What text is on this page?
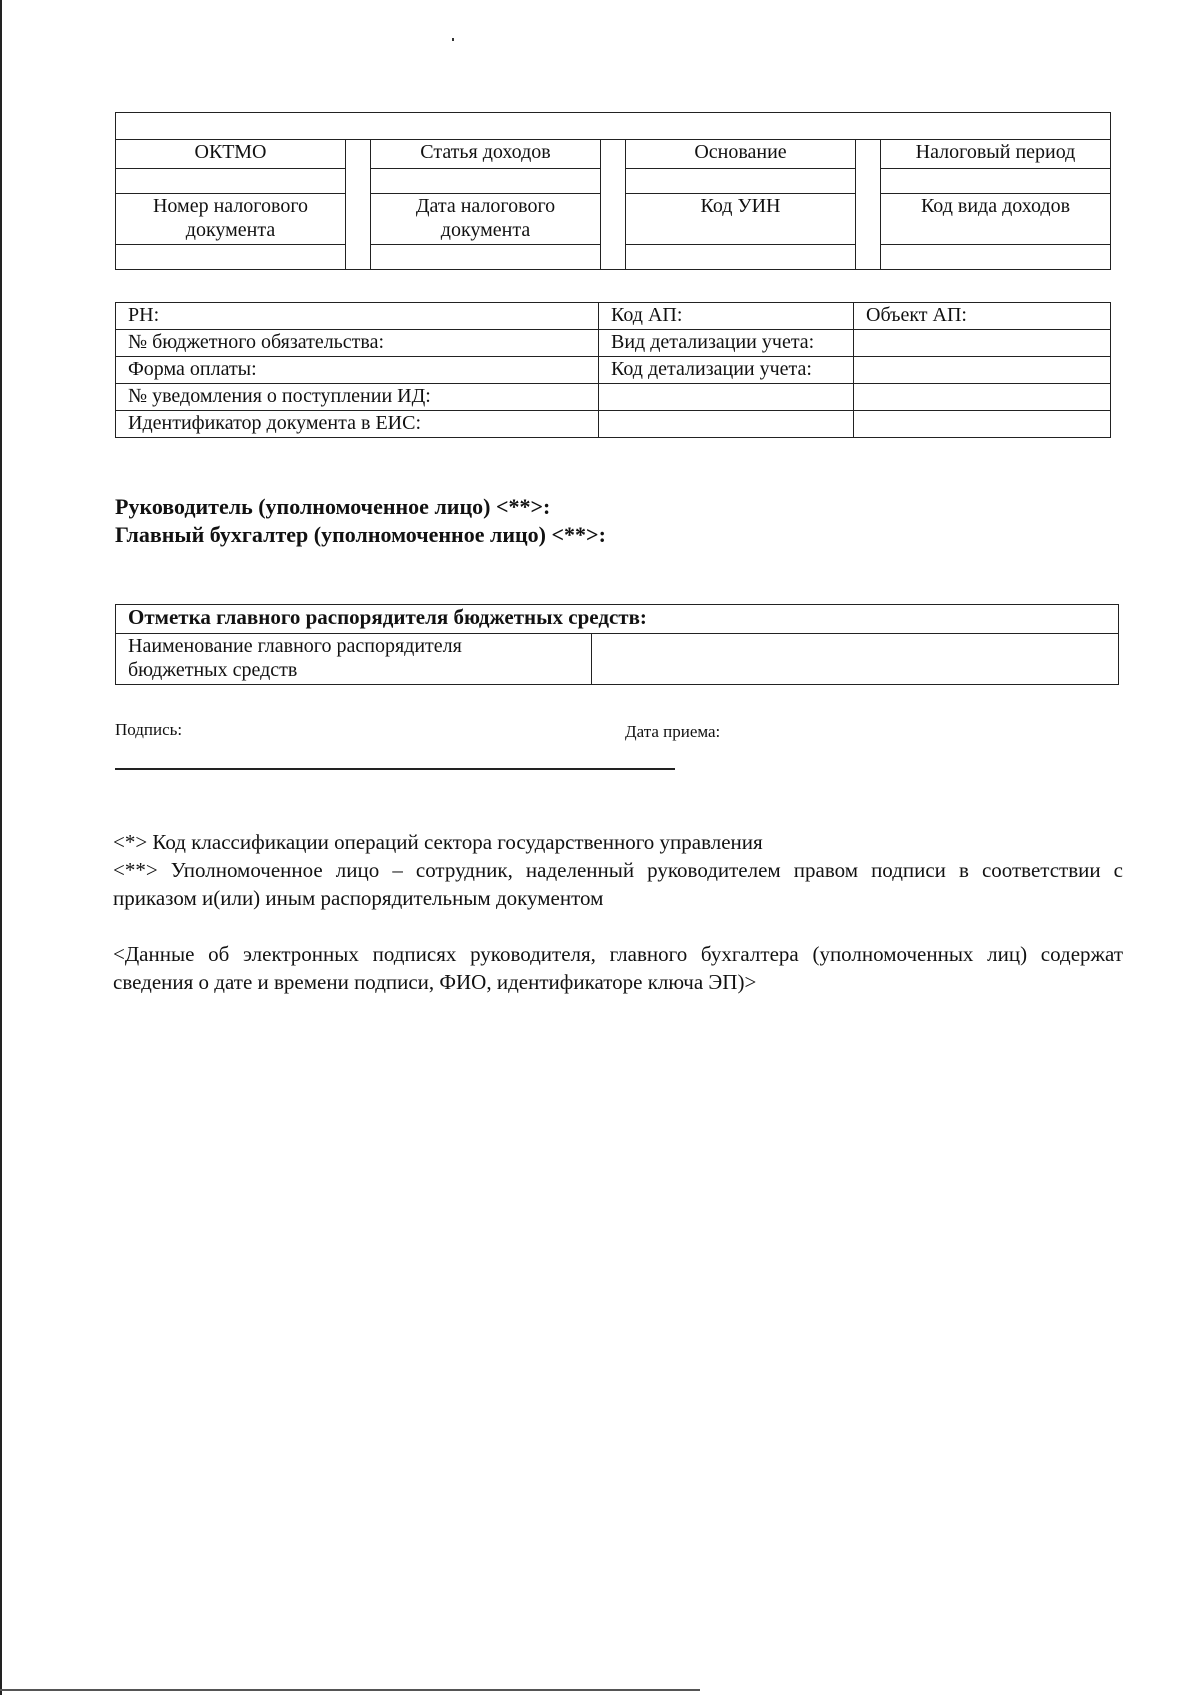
ОКТМО		Статья доходов		Основание		Налоговый период

Номер налогового документа		Дата налогового документа		Код УИН		Код вида доходов

РН:	Код АП:	Объект АП:
№ бюджетного обязательства:	Вид детализации учета:	
Форма оплаты:	Код детализации учета:	
№ уведомления о поступлении ИД:		
Идентификатор документа в ЕИС:		
Руководитель (уполномоченное лицо) <**>:
Главный бухгалтер (уполномоченное лицо) <**>:
Отметка главного распорядителя бюджетных средств:

Наименование главного распорядителя
бюджетных средств

Подпись:	Дата приема:

<*> Код классификации операций сектора государственного управления

<**> Уполномоченное лицо – сотрудник, наделенный руководителем правом подписи в соответствии с приказом и(или) иным распорядительным документом

<Данные об электронных подписях руководителя, главного бухгалтера (уполномоченных лиц) содержат сведения о дате и времени подписи, ФИО, идентификаторе ключа ЭП)>
